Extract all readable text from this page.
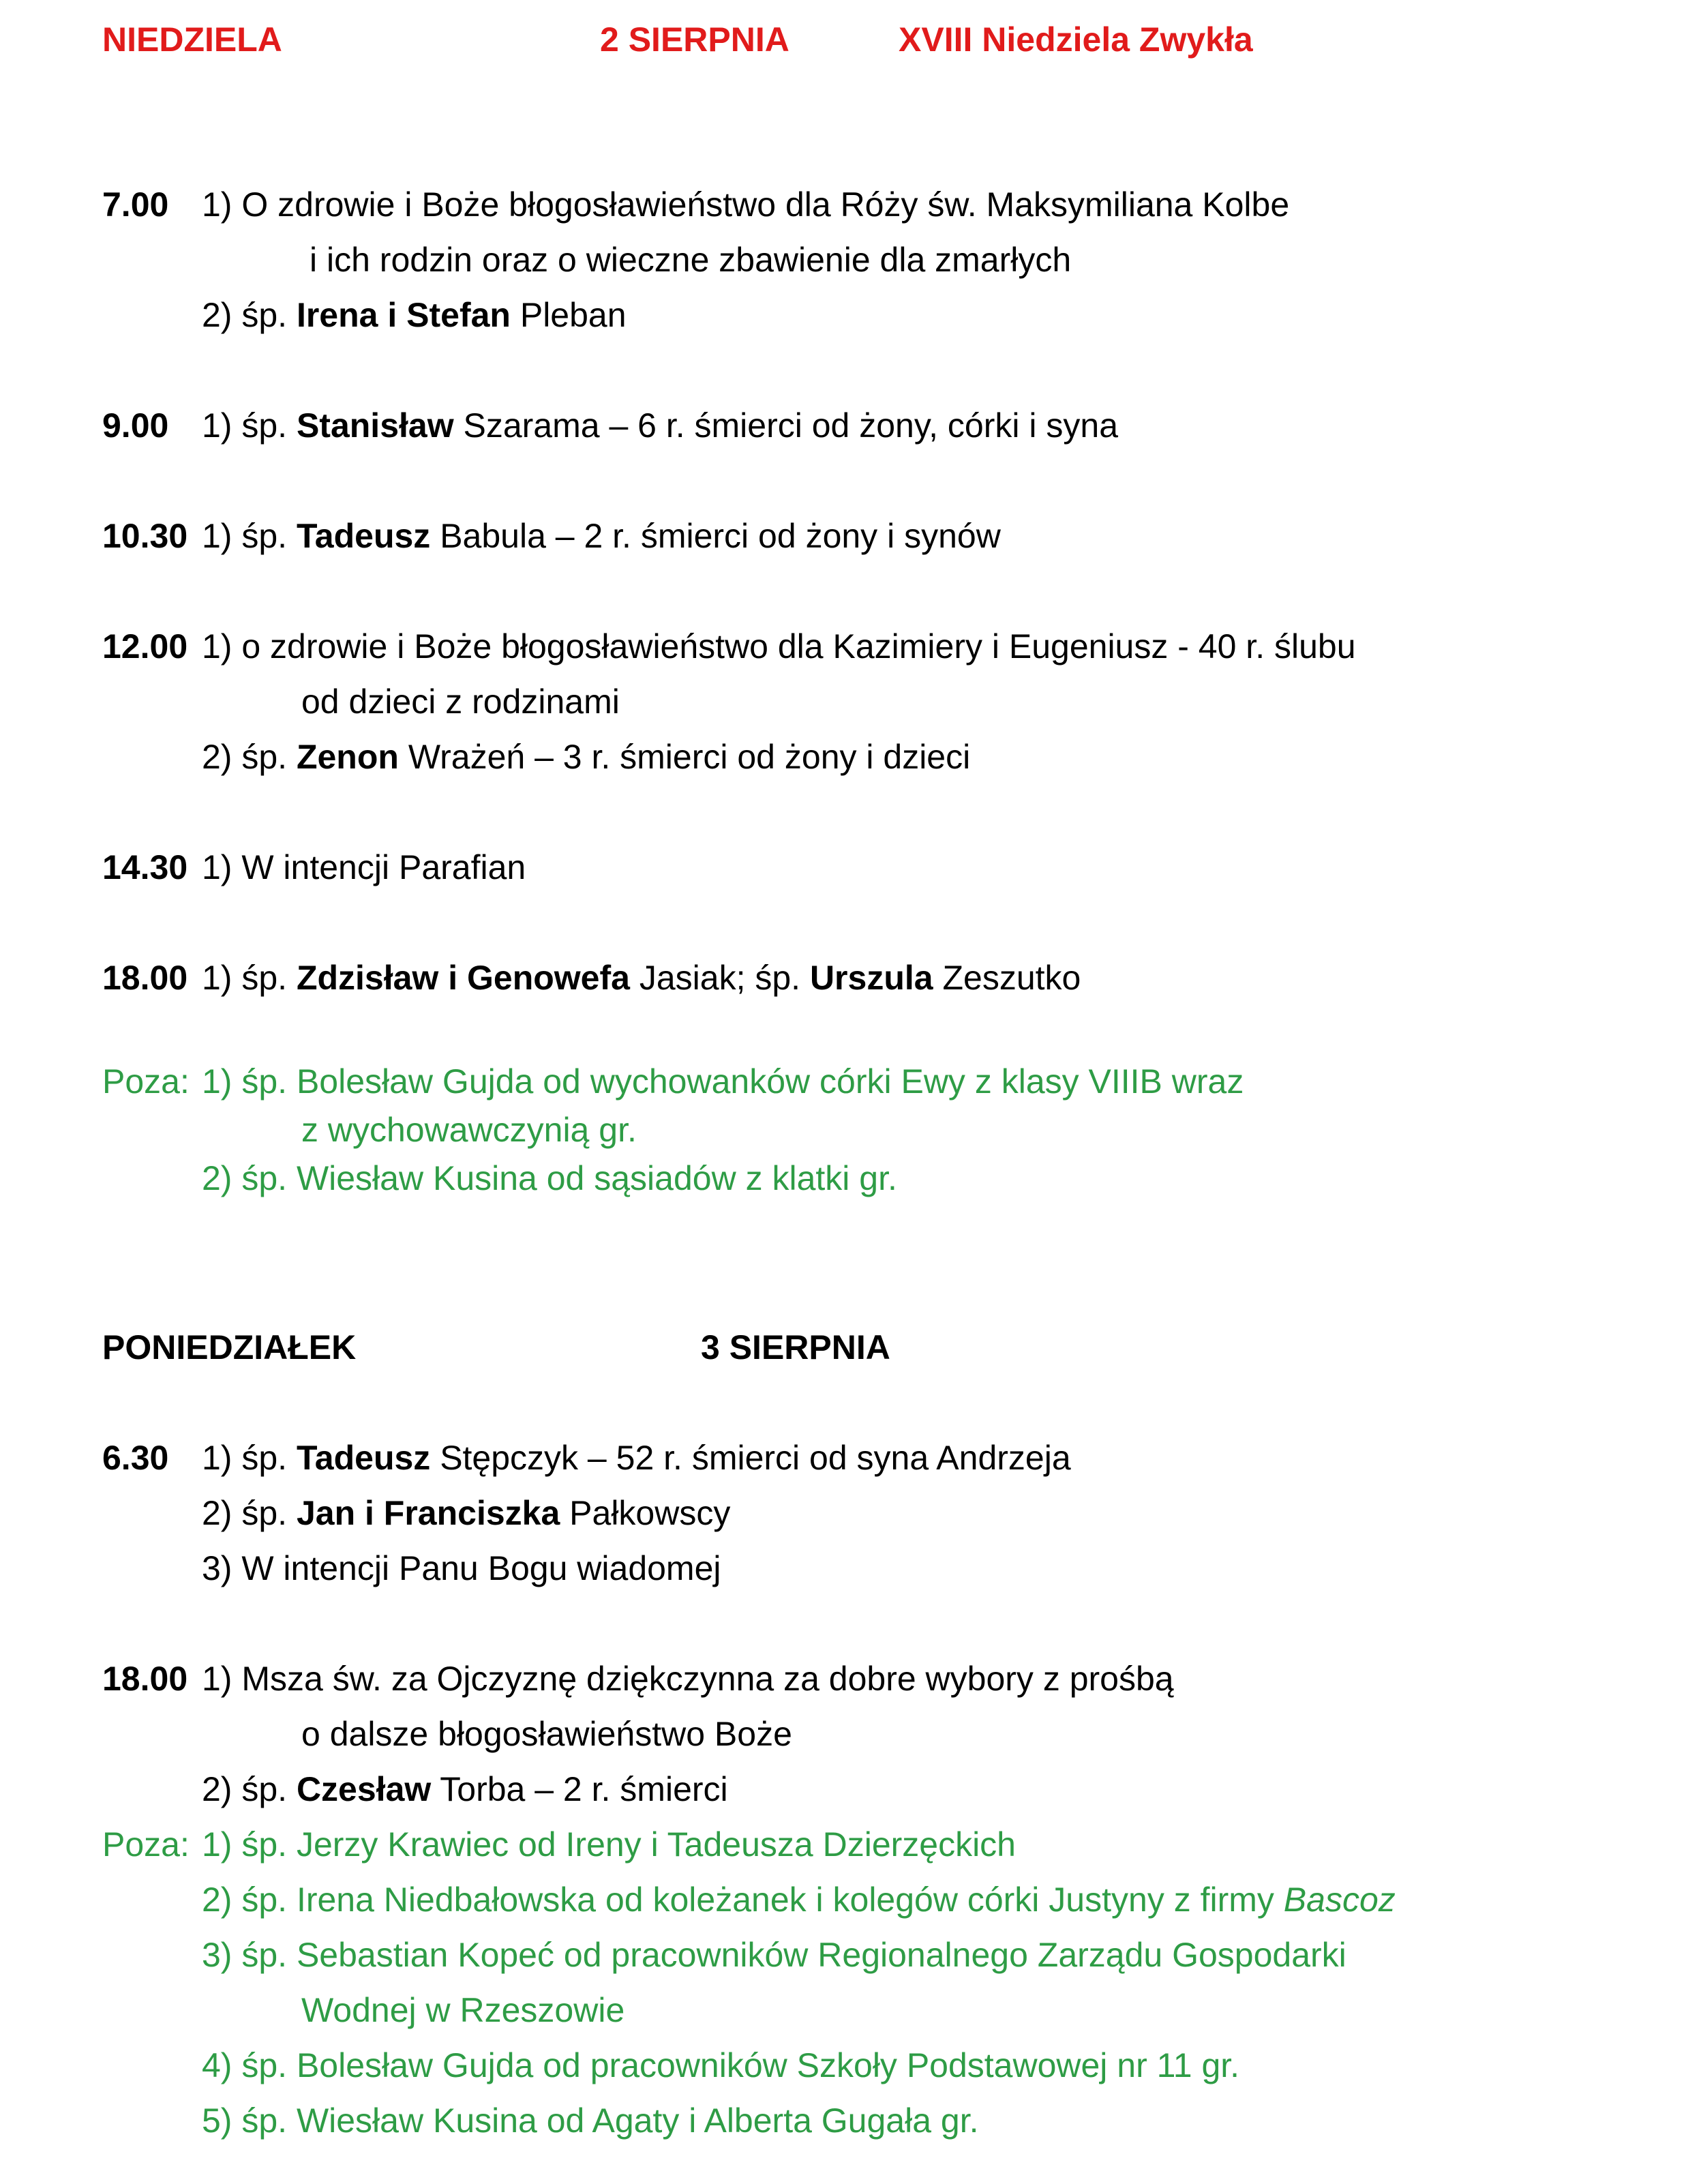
NIEDZIELA	2 SIERPNIA	XVIII Niedziela Zwykła
7.00 1) O zdrowie i Boże błogosławieństwo dla Róży św. Maksymiliana Kolbe
i ich rodzin oraz o wieczne zbawienie dla zmarłych
2) śp. Irena i Stefan Pleban
9.00 1) śp. Stanisław Szarama – 6 r. śmierci od żony, córki i syna
10.30 1) śp. Tadeusz Babula – 2 r. śmierci od żony i synów
12.00 1) o zdrowie i Boże błogosławieństwo dla Kazimiery i Eugeniusz - 40 r. ślubu
od dzieci z rodzinami
2) śp. Zenon Wrażeń – 3 r. śmierci od żony i dzieci
14.30 1) W intencji Parafian
18.00 1) śp. Zdzisław i Genowefa Jasiak; śp. Urszula Zeszutko
Poza: 1) śp. Bolesław Gujda od wychowanków córki Ewy z klasy VIIIB wraz
z wychowawczynią gr.
2) śp. Wiesław Kusina od sąsiadów z klatki gr.
PONIEDZIAŁEK	3 SIERPNIA
6.30 1) śp. Tadeusz Stępczyk – 52 r. śmierci od syna Andrzeja
2) śp. Jan i Franciszka Pałkowscy
3) W intencji Panu Bogu wiadomej
18.00 1) Msza św. za Ojczyznę dziękczynna za dobre wybory z prośbą
o dalsze błogosławieństwo Boże
2) śp. Czesław Torba – 2 r. śmierci
Poza: 1) śp. Jerzy Krawiec od Ireny i Tadeusza Dzierzęckich
2) śp. Irena Niedbałowska od koleżanek i kolegów córki Justyny z firmy Bascoz
3) śp. Sebastian Kopeć od pracowników Regionalnego Zarządu Gospodarki
Wodnej w Rzeszowie
4) śp. Bolesław Gujda od pracowników Szkoły Podstawowej nr 11 gr.
5) śp. Wiesław Kusina od Agaty i Alberta Gugała gr.
